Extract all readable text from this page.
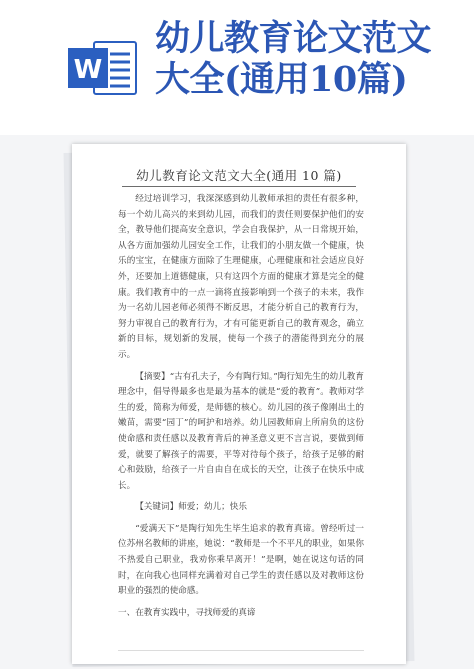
W
幼儿教育论文范文
大全(通用10篇)
幼儿教育论文范文大全(通用 10 篇)

经过培训学习，我深深感到幼儿教师承担的责任有很多种，每一个幼儿高兴的来到幼儿园，而我们的责任则要保护他们的安全，教导他们提高安全意识，学会自我保护，从一日常规开始，从各方面加强幼儿园安全工作，让我们的小朋友做一个健康，快乐的宝宝，在健康方面除了生理健康，心理健康和社会适应良好外，还要加上道德健康，只有这四个方面的健康才算是完全的健康。我们教育中的一点一滴将直接影响到一个孩子的未来，我作为一名幼儿园老师必须得不断反思，才能分析自己的教育行为，努力审视自己的教育行为，才有可能更新自己的教育观念，确立新的目标，规划新的发展，使每一个孩子的潜能得到充分的展示。

【摘要】“古有孔夫子，今有陶行知。”陶行知先生的幼儿教育理念中，倡导得最多也是最为基本的就是“爱的教育”。教师对学生的爱，简称为师爱，是师德的核心。幼儿园的孩子像刚出土的嫩苗，需要“园丁”的呵护和培养。幼儿园教师肩上所肩负的这份使命感和责任感以及教育背后的神圣意义更不言言说，要做到师爱，就要了解孩子的需要，平等对待每个孩子，给孩子足够的耐心和鼓励，给孩子一片自由自在成长的天空，让孩子在快乐中成长。

【关键词】师爱；幼儿；快乐

“爱满天下”是陶行知先生毕生追求的教育真谛。曾经听过一位苏州名教师的讲座，她说：“教师是一个不平凡的职业，如果你不热爱自己职业，我劝你乘早离开！”是啊，她在说这句话的同时，在向我心也同样充满着对自己学生的责任感以及对教师这份职业的强烈的使命感。

一、在教育实践中，寻找师爱的真谛
